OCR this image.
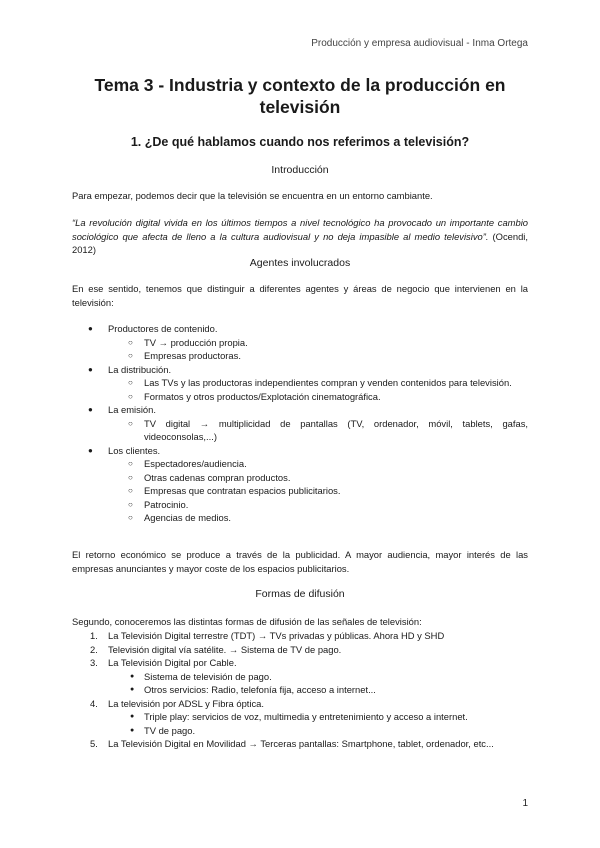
Producción y empresa audiovisual - Inma Ortega
Tema 3 - Industria y contexto de la producción en televisión
1. ¿De qué hablamos cuando nos referimos a televisión?
Introducción

Para empezar, podemos decir que la televisión se encuentra en un entorno cambiante.

“La revolución digital vivida en los últimos tiempos a nivel tecnológico ha provocado un importante cambio sociológico que afecta de lleno a la cultura audiovisual y no deja impasible al medio televisivo”. (Ocendi, 2012)

Agentes involucrados

En ese sentido, tenemos que distinguir a diferentes agentes y áreas de negocio que intervienen en la televisión:

● Productores de contenido.
○ TV → producción propia.
○ Empresas productoras.
● La distribución.
○ Las TVs y las productoras independientes compran y venden contenidos para televisión.
○ Formatos y otros productos/Explotación cinematográfica.
● La emisión.
○ TV digital → multiplicidad de pantallas (TV, ordenador, móvil, tablets, gafas, videoconsolas,...)
● Los clientes.
○ Espectadores/audiencia.
○ Otras cadenas compran productos.
○ Empresas que contratan espacios publicitarios.
○ Patrocinio.
○ Agencias de medios.

El retorno económico se produce a través de la publicidad. A mayor audiencia, mayor interés de las empresas anunciantes y mayor coste de los espacios publicitarios.

Formas de difusión

Segundo, conoceremos las distintas formas de difusión de las señales de televisión:

1. La Televisión Digital terrestre (TDT) → TVs privadas y públicas. Ahora HD y SHD
2. Televisión digital vía satélite. → Sistema de TV de pago.
3. La Televisión Digital por Cable.
● Sistema de televisión de pago.
● Otros servicios: Radio, telefonía fija, acceso a internet...
4. La televisión por ADSL y Fibra óptica.
● Triple play: servicios de voz, multimedia y entretenimiento y acceso a internet.
● TV de pago.
5. La Televisión Digital en Movilidad → Terceras pantallas: Smartphone, tablet, ordenador, etc...
1
